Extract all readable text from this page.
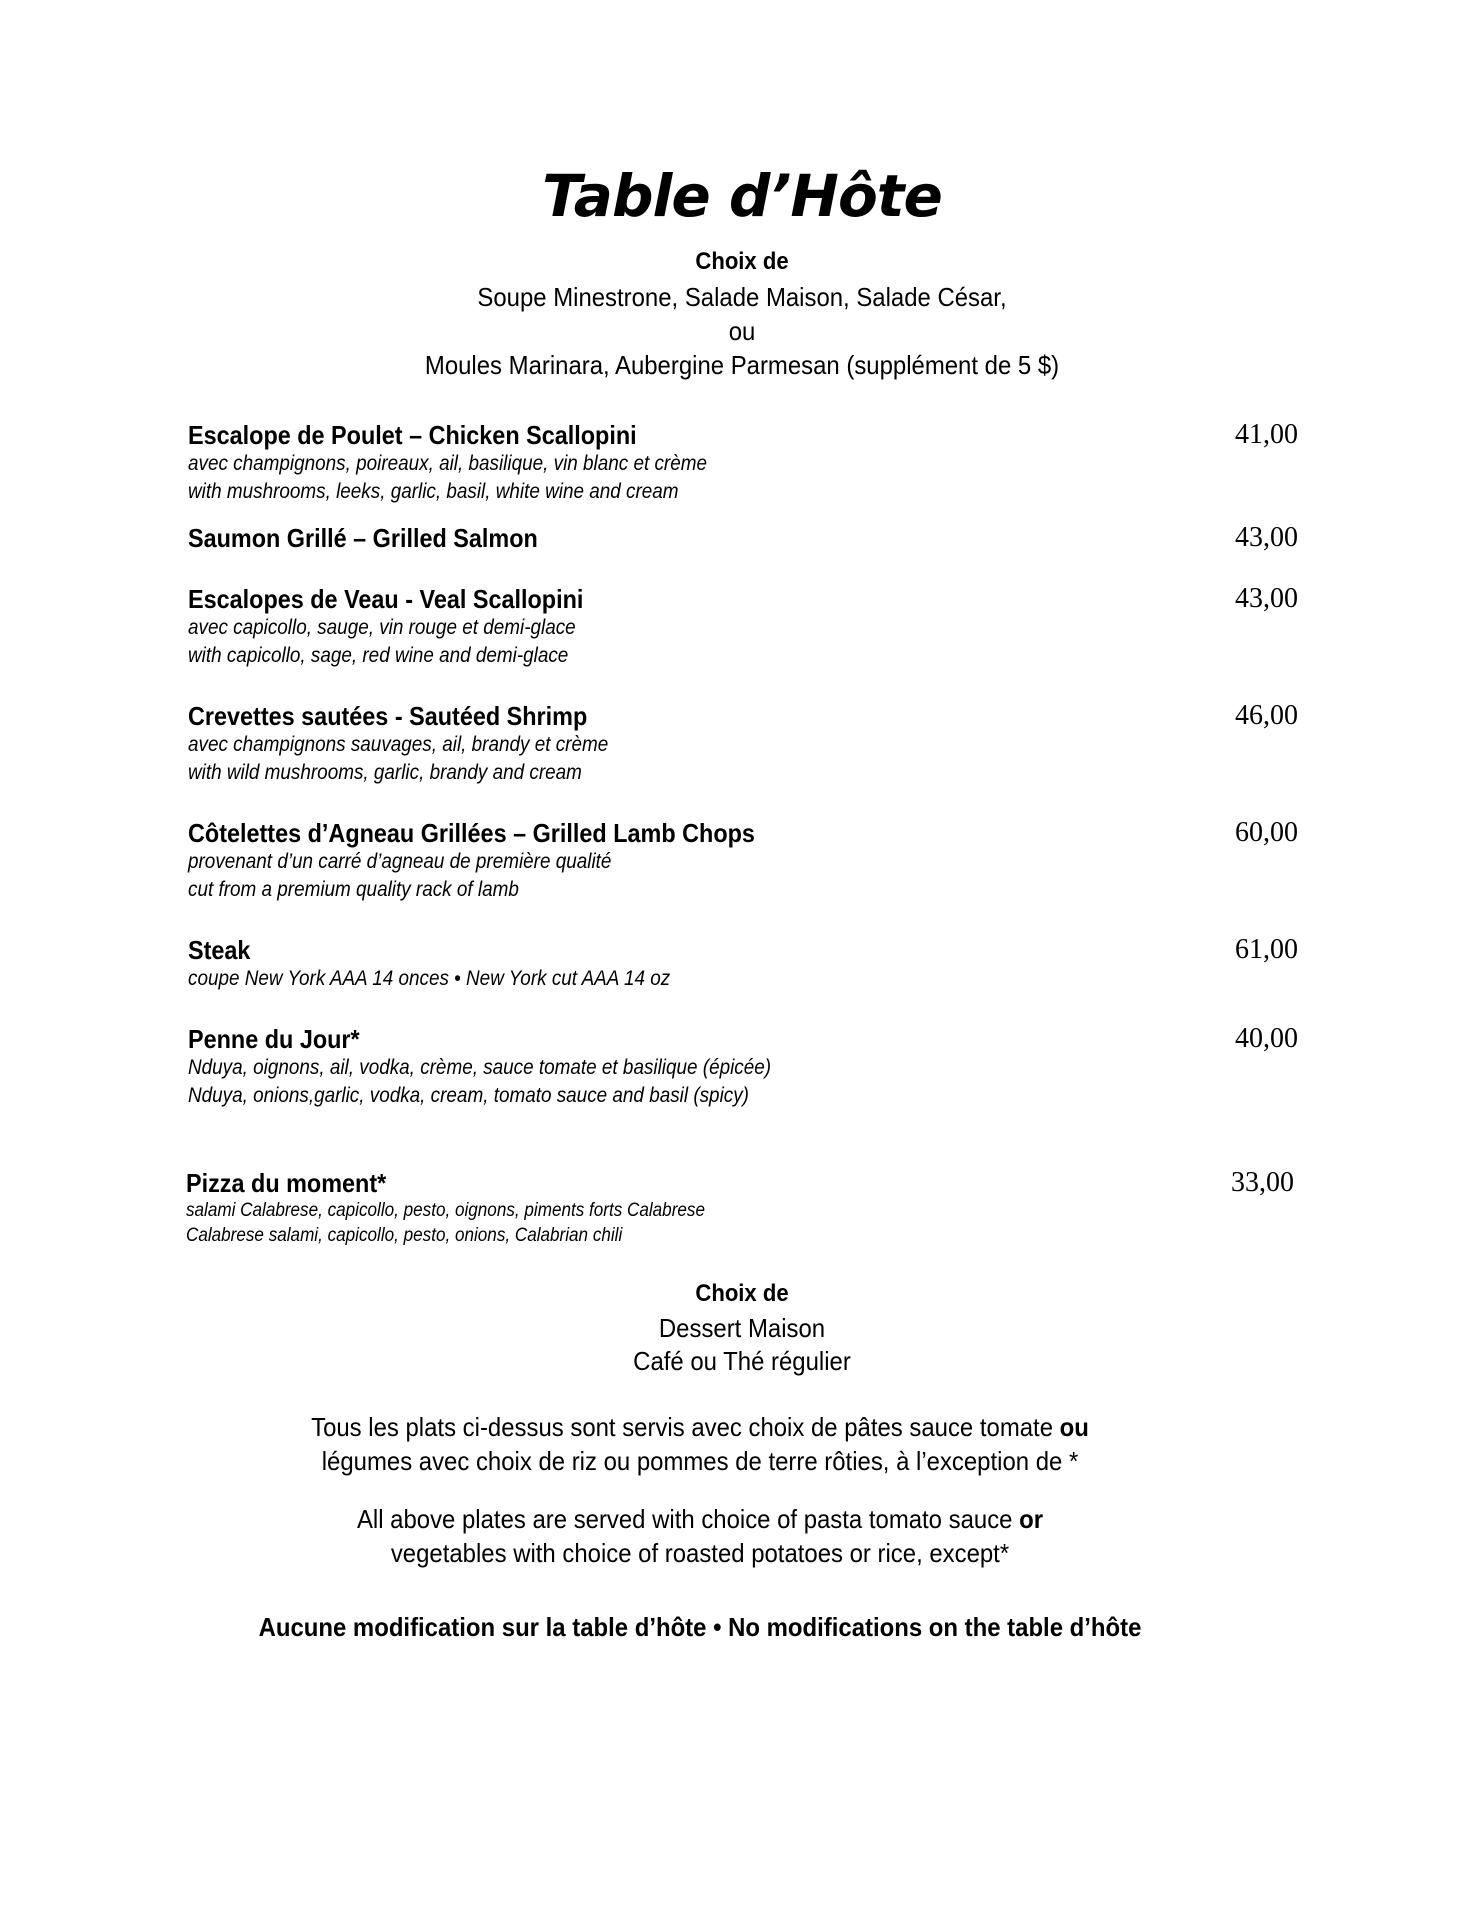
Table d’Hôte
Choix de
Soupe Minestrone, Salade Maison, Salade César,
ou
Moules Marinara, Aubergine Parmesan (supplément de 5 $)
Escalope de Poulet – Chicken Scallopini
avec champignons, poireaux, ail, basilique, vin blanc et crème
with mushrooms, leeks, garlic, basil, white wine and cream
41,00
Saumon Grillé – Grilled Salmon	43,00
Escalopes de Veau - Veal Scallopini
avec capicollo, sauge, vin rouge et demi-glace
with capicollo, sage, red wine and demi-glace
43,00
Crevettes sautées - Sautéed Shrimp
avec champignons sauvages, ail, brandy et crème
with wild mushrooms, garlic, brandy and cream
46,00
Côtelettes d’Agneau Grillées – Grilled Lamb Chops
provenant d’un carré d’agneau de première qualité
cut from a premium quality rack of lamb
60,00
Steak
coupe New York AAA 14 onces • New York cut AAA 14 oz
61,00
Penne du Jour*
Nduya, oignons, ail, vodka, crème, sauce tomate et basilique (épicée)
Nduya, onions,garlic, vodka, cream, tomato sauce and basil (spicy)
40,00
Pizza du moment*
salami Calabrese, capicollo, pesto, oignons, piments forts Calabrese
Calabrese salami, capicollo, pesto, onions, Calabrian chili
33,00
Choix de
Dessert Maison
Café ou Thé régulier
Tous les plats ci-dessus sont servis avec choix de pâtes sauce tomate ou
légumes avec choix de riz ou pommes de terre rôties, à l’exception de *
All above plates are served with choice of pasta tomato sauce or
vegetables with choice of roasted potatoes or rice, except*
Aucune modification sur la table d’hôte • No modifications on the table d’hôte
